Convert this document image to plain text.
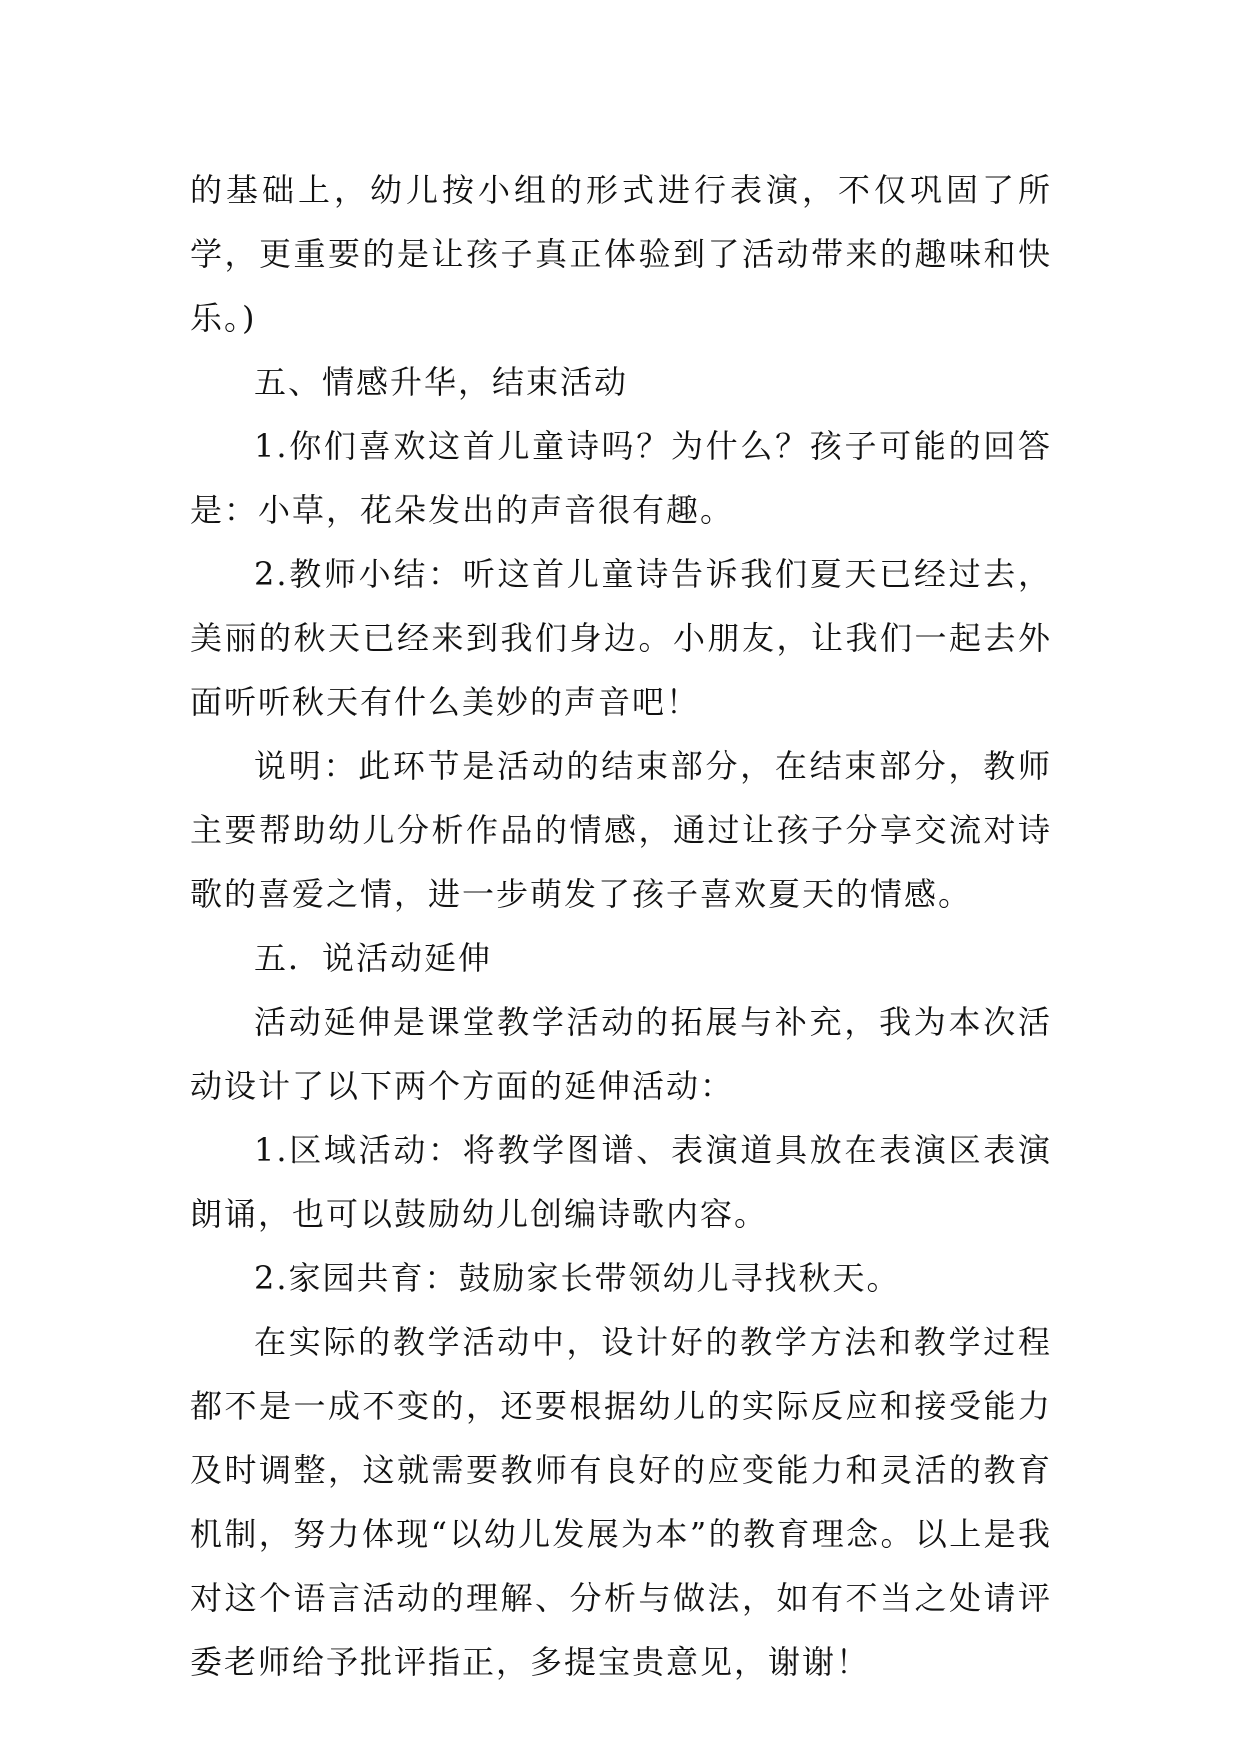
的基础上，幼儿按小组的形式进行表演，不仅巩固了所学，更重要的是让孩子真正体验到了活动带来的趣味和快乐。)

五、情感升华，结束活动

1.你们喜欢这首儿童诗吗？为什么？孩子可能的回答是：小草，花朵发出的声音很有趣。

2.教师小结：听这首儿童诗告诉我们夏天已经过去，美丽的秋天已经来到我们身边。小朋友，让我们一起去外面听听秋天有什么美妙的声音吧！

说明：此环节是活动的结束部分，在结束部分，教师主要帮助幼儿分析作品的情感，通过让孩子分享交流对诗歌的喜爱之情，进一步萌发了孩子喜欢夏天的情感。

五．说活动延伸

活动延伸是课堂教学活动的拓展与补充，我为本次活动设计了以下两个方面的延伸活动：

1.区域活动：将教学图谱、表演道具放在表演区表演朗诵，也可以鼓励幼儿创编诗歌内容。

2.家园共育：鼓励家长带领幼儿寻找秋天。

在实际的教学活动中，设计好的教学方法和教学过程都不是一成不变的，还要根据幼儿的实际反应和接受能力及时调整，这就需要教师有良好的应变能力和灵活的教育机制，努力体现“以幼儿发展为本”的教育理念。以上是我对这个语言活动的理解、分析与做法，如有不当之处请评委老师给予批评指正，多提宝贵意见，谢谢！
